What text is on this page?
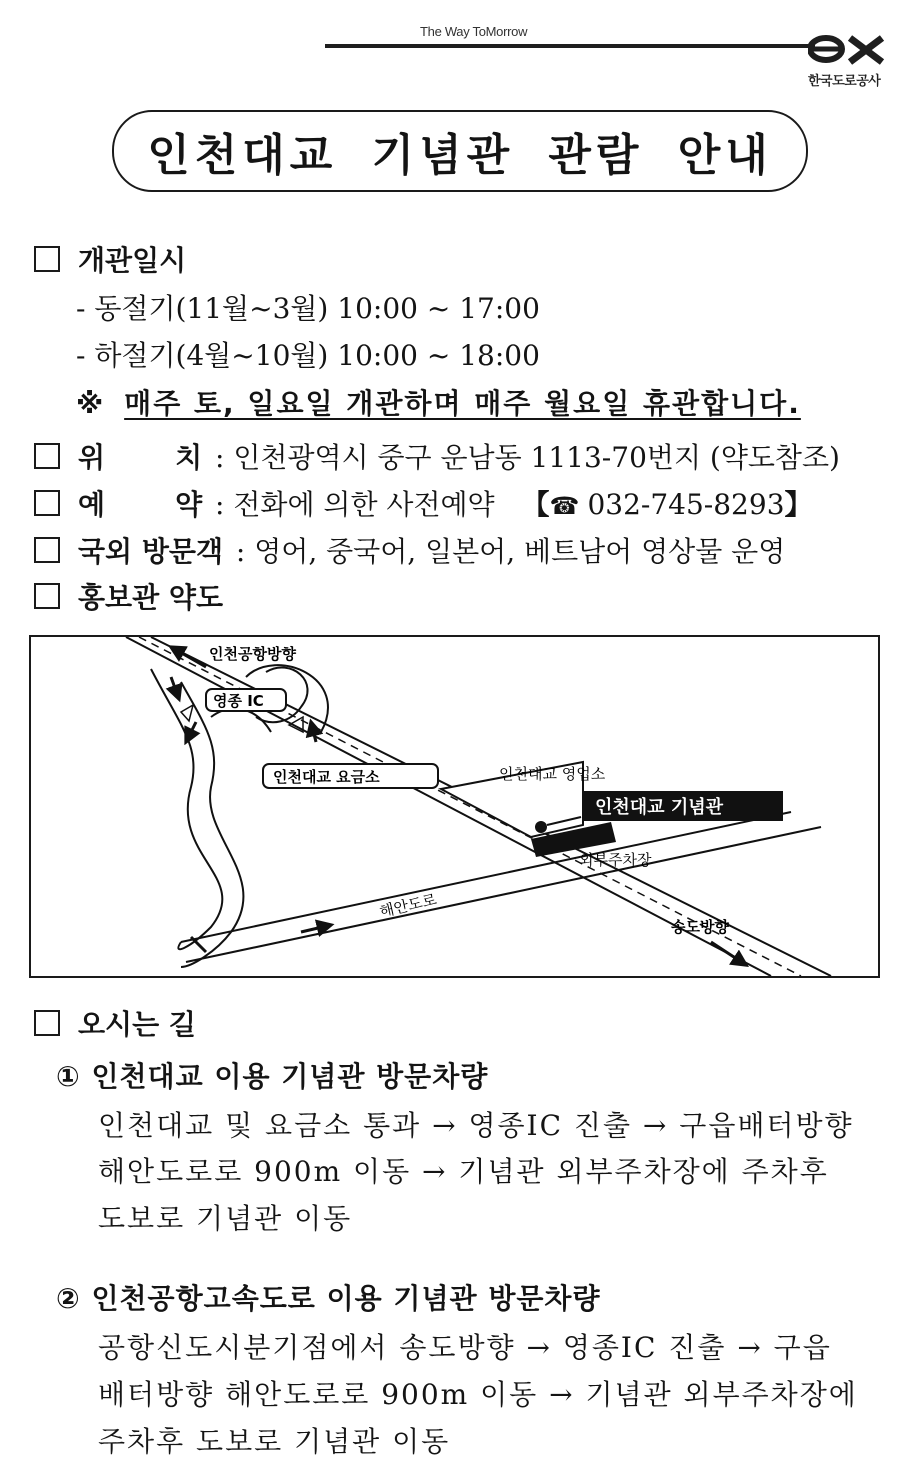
The Way ToMorrow
한국도로공사
인천대교 기념관 관람 안내
개관일시
- 동절기(11월~3월) 10:00 ~ 17:00
- 하절기(4월~10월) 10:00 ~ 18:00
※ 매주 토, 일요일 개관하며 매주 월요일 휴관합니다.
위	치 : 인천광역시 중구 운남동 1113-70번지 (약도참조)
예	약 : 전화에 의한 사전예약 【☎ 032-745-8293】
국외 방문객 : 영어, 중국어, 일본어, 베트남어 영상물 운영
홍보관 약도
인천공항방향
영종 IC
인천대교 요금소	인천대교 영업소
인천대교 기념관
외부주차장
해안도로
송도방향
오시는 길
① 인천대교 이용 기념관 방문차량
인천대교 및 요금소 통과 → 영종IC 진출 → 구읍배터방향
해안도로로 900m 이동 → 기념관 외부주차장에 주차후
도보로 기념관 이동
② 인천공항고속도로 이용 기념관 방문차량
공항신도시분기점에서 송도방향 → 영종IC 진출 → 구읍
배터방향 해안도로로 900m 이동 → 기념관 외부주차장에
주차후 도보로 기념관 이동
